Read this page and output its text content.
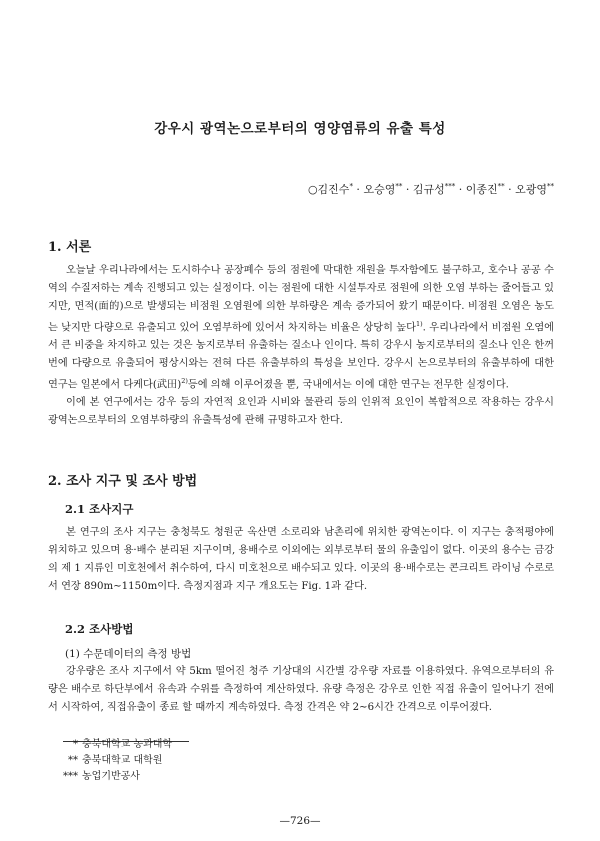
강우시 광역논으로부터의 영양염류의 유출 특성
○김진수* · 오승영** · 김규성*** · 이종진** · 오광영**
1. 서론

오늘날 우리나라에서는 도시하수나 공장폐수 등의 점원에 막대한 재원을 투자함에도 불구하고, 호수나 공공 수역의 수질저하는 계속 진행되고 있는 실정이다. 이는 점원에 대한 시설투자로 점원에 의한 오염 부하는 줄어들고 있지만, 면적(面的)으로 발생되는 비점원 오염원에 의한 부하량은 계속 증가되어 왔기 때문이다. 비점원 오염은 농도는 낮지만 다량으로 유출되고 있어 오염부하에 있어서 차지하는 비율은 상당히 높다$^{1)}$. 우리나라에서 비점원 오염에서 큰 비중을 차지하고 있는 것은 농지로부터 유출하는 질소나 인이다. 특히 강우시 농지로부터의 질소나 인은 한꺼번에 다량으로 유출되어 평상시와는 전혀 다른 유출부하의 특성을 보인다. 강우시 논으로부터의 유출부하에 대한 연구는 일본에서 다케다(武田)$^{2)}$등에 의해 이루어졌을 뿐, 국내에서는 이에 대한 연구는 전무한 실정이다.

이에 본 연구에서는 강우 등의 자연적 요인과 시비와 물관리 등의 인위적 요인이 복합적으로 작용하는 강우시 광역논으로부터의 오염부하량의 유출특성에 관해 규명하고자 한다.

2. 조사 지구 및 조사 방법
2.1 조사지구

본 연구의 조사 지구는 충청북도 청원군 옥산면 소로리와 남촌리에 위치한 광역논이다. 이 지구는 충적평야에 위치하고 있으며 용·배수 분리된 지구이며, 용배수로 이외에는 외부로부터 물의 유출입이 없다. 이곳의 용수는 금강의 제 1 지류인 미호천에서 취수하여, 다시 미호천으로 배수되고 있다. 이곳의 용·배수로는 콘크리트 라이닝 수로로서 연장 890m∼1150m이다. 측정지점과 지구 개요도는 Fig. 1과 같다.

2.2 조사방법
(1) 수문데이터의 측정 방법

강우량은 조사 지구에서 약 5km 떨어진 청주 기상대의 시간별 강우량 자료를 이용하였다. 유역으로부터의 유량은 배수로 하단부에서 유속과 수위를 측정하여 계산하였다. 유량 측정은 강우로 인한 직접 유출이 일어나기 전에서 시작하여, 직접유출이 종료 할 때까지 계속하였다. 측정 간격은 약 2∼6시간 간격으로 이루어졌다.

* 충북대학교 농과대학
** 충북대학교 대학원
*** 농업기반공사
—726—
